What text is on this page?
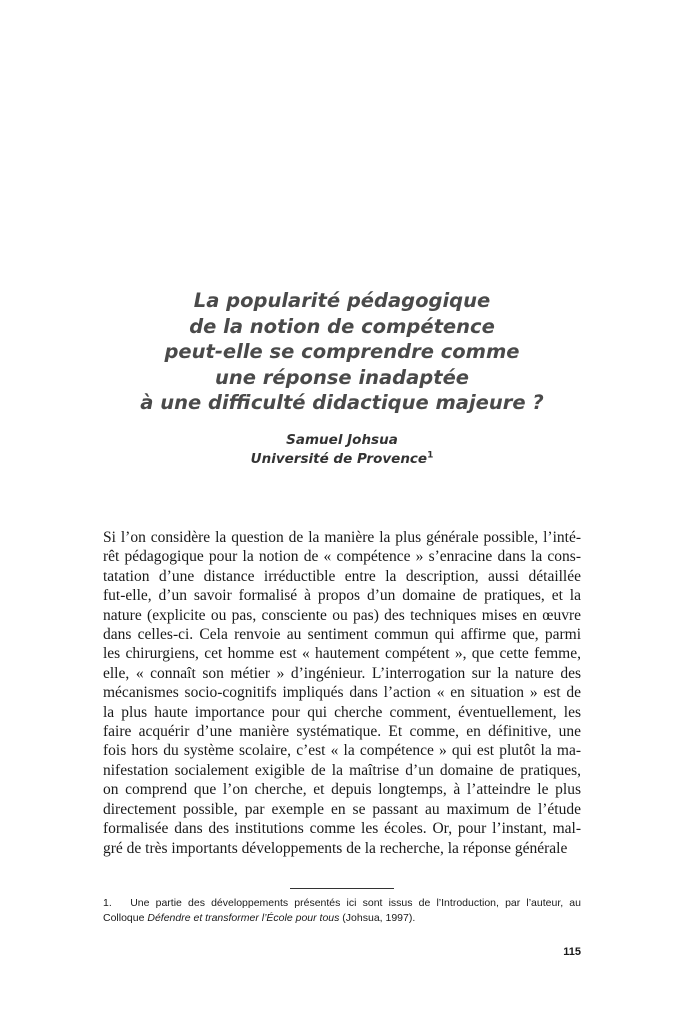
La popularité pédagogique
de la notion de compétence
peut-elle se comprendre comme
une réponse inadaptée
à une difficulté didactique majeure ?
Samuel Johsua
Université de Provence$^1$
Si l’on considère la question de la manière la plus générale possible, l’inté-
rêt pédagogique pour la notion de « compétence » s’enracine dans la cons-
tatation d’une distance irréductible entre la description, aussi détaillée
fut-elle, d’un savoir formalisé à propos d’un domaine de pratiques, et la
nature (explicite ou pas, consciente ou pas) des techniques mises en œuvre
dans celles-ci. Cela renvoie au sentiment commun qui affirme que, parmi
les chirurgiens, cet homme est « hautement compétent », que cette femme,
elle, « connaît son métier » d’ingénieur. L’interrogation sur la nature des
mécanismes socio-cognitifs impliqués dans l’action « en situation » est de
la plus haute importance pour qui cherche comment, éventuellement, les
faire acquérir d’une manière systématique. Et comme, en définitive, une
fois hors du système scolaire, c’est « la compétence » qui est plutôt la ma-
nifestation socialement exigible de la maîtrise d’un domaine de pratiques,
on comprend que l’on cherche, et depuis longtemps, à l’atteindre le plus
directement possible, par exemple en se passant au maximum de l’étude
formalisée dans des institutions comme les écoles. Or, pour l’instant, mal-
gré de très importants développements de la recherche, la réponse générale
1. Une partie des développements présentés ici sont issus de l’Introduction, par l’auteur, au
Colloque Défendre et transformer l’École pour tous (Johsua, 1997).
115
